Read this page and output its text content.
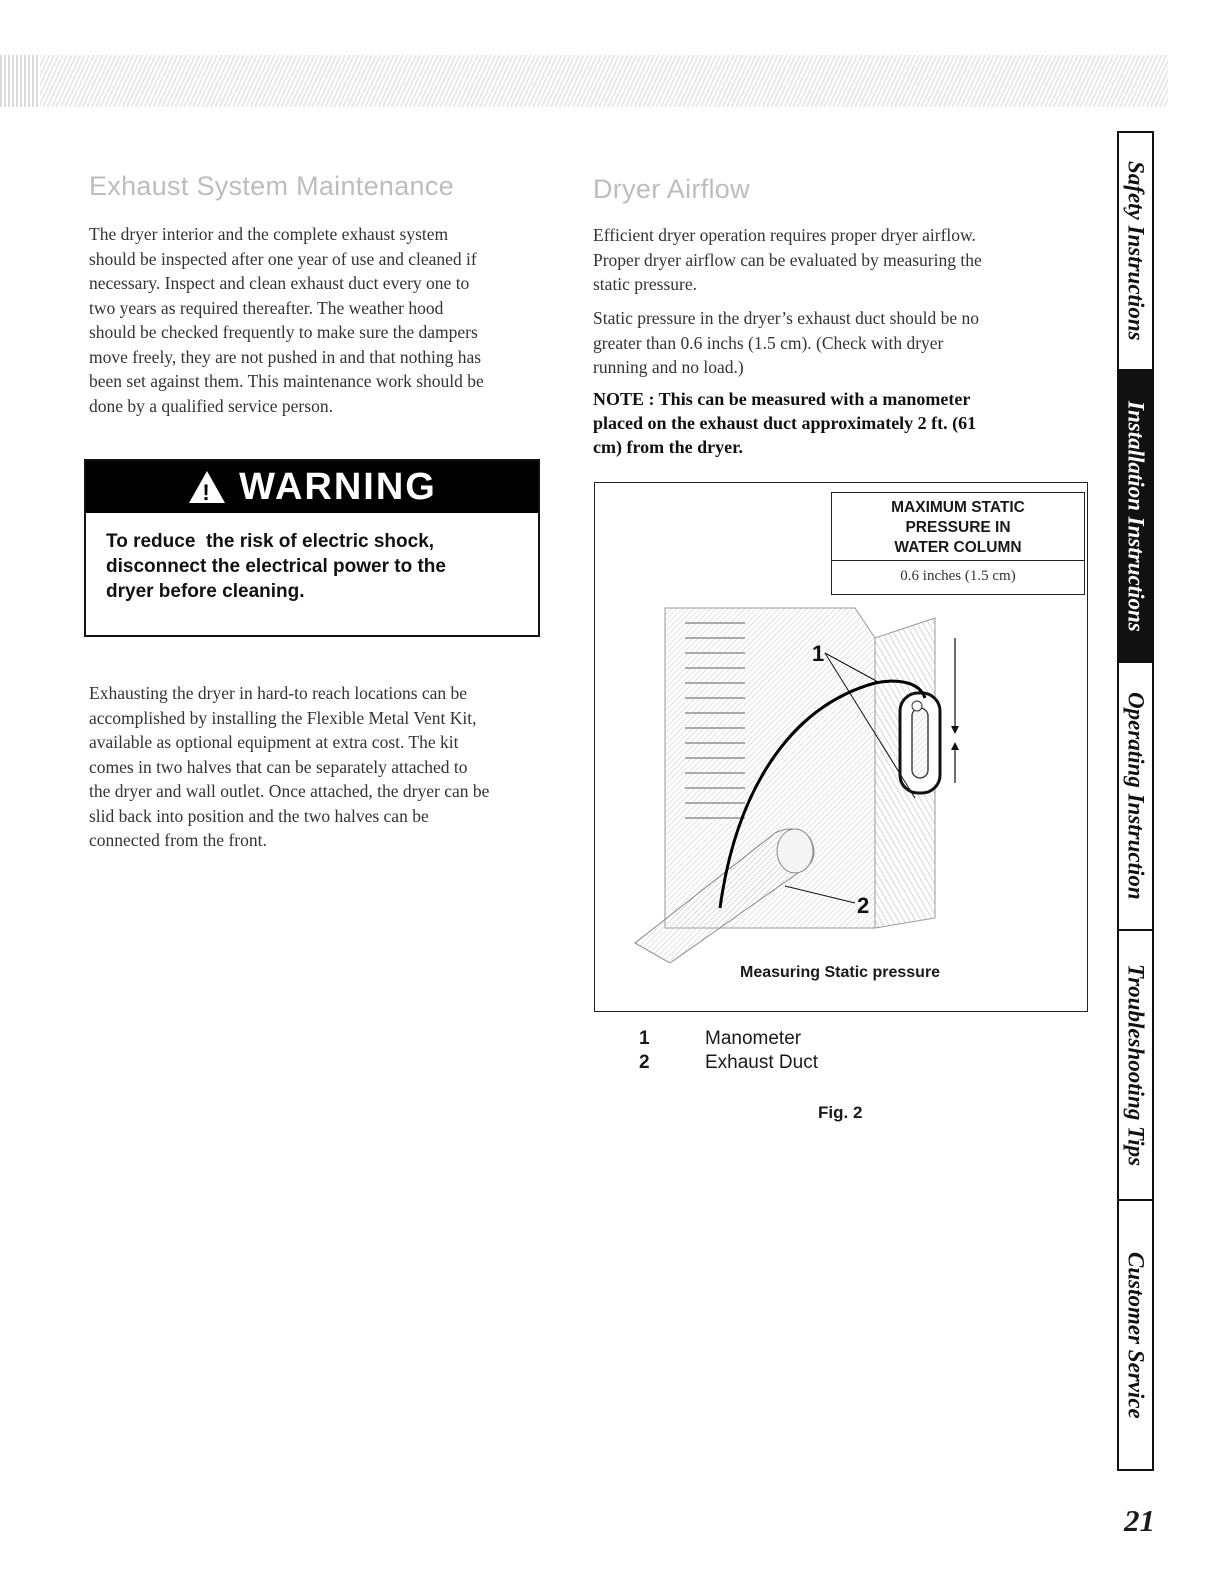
Exhaust System Maintenance

The dryer interior and the complete exhaust system
should be inspected after one year of use and cleaned if
necessary. Inspect and clean exhaust duct every one to
two years as required thereafter. The weather hood
should be checked frequently to make sure the dampers
move freely, they are not pushed in and that nothing has
been set against them. This maintenance work should be
done by a qualified service person.

! WARNING
To reduce  the risk of electric shock,
disconnect the electrical power to the
dryer before cleaning.

Exhausting the dryer in hard-to reach locations can be
accomplished by installing the Flexible Metal Vent Kit,
available as optional equipment at extra cost. The kit
comes in two halves that can be separately attached to
the dryer and wall outlet. Once attached, the dryer can be
slid back into position and the two halves can be
connected from the front.

Dryer Airflow

Efficient dryer operation requires proper dryer airflow.
Proper dryer airflow can be evaluated by measuring the
static pressure.

Static pressure in the dryer’s exhaust duct should be no
greater than 0.6 inchs (1.5 cm). (Check with dryer
running and no load.)

NOTE : This can be measured with a manometer
placed on the exhaust duct approximately 2 ft. (61
cm) from the dryer.

MAXIMUM STATIC
PRESSURE IN
WATER COLUMN
0.6 inches (1.5 cm)
1
2
Measuring Static pressure
1	Manometer
2	Exhaust Duct
Fig. 2
Safety Instructions
Installation Instructions
Operating Instruction
Troubleshooting Tips
Customer Service
21
